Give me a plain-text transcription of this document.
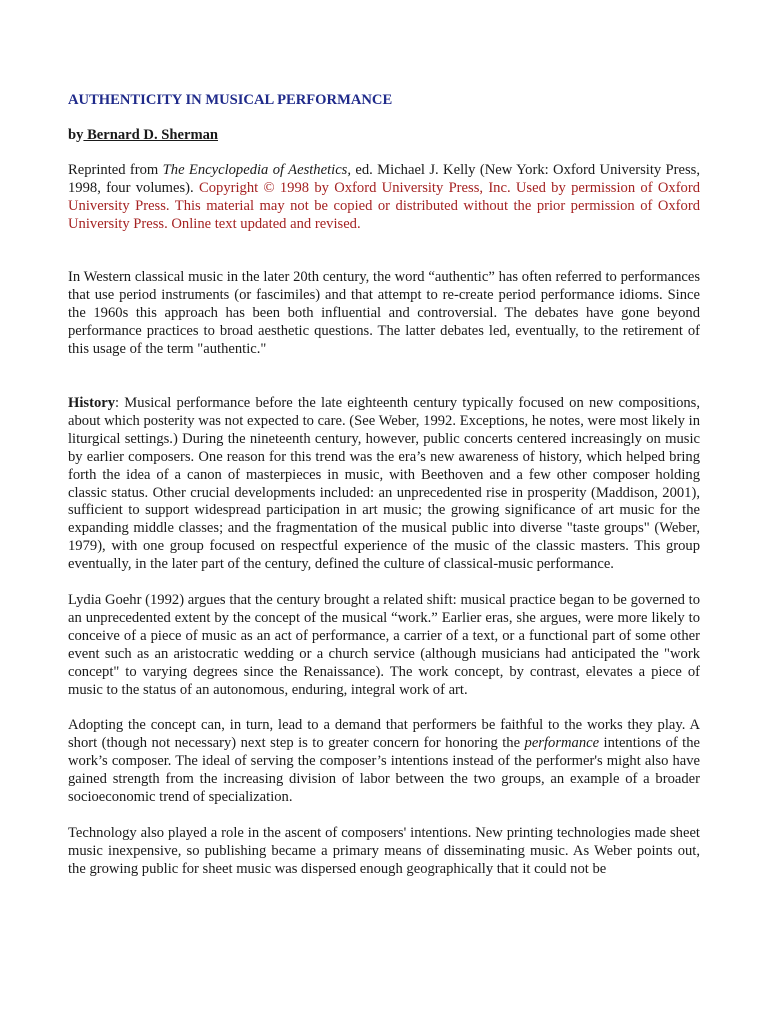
AUTHENTICITY IN MUSICAL PERFORMANCE
by Bernard D. Sherman

Reprinted from The Encyclopedia of Aesthetics, ed. Michael J. Kelly (New York: Oxford University Press, 1998, four volumes). Copyright © 1998 by Oxford University Press, Inc. Used by permission of Oxford University Press. This material may not be copied or distributed without the prior permission of Oxford University Press. Online text updated and revised.

In Western classical music in the later 20th century, the word “authentic” has often referred to performances that use period instruments (or fascimiles) and that attempt to re-create period performance idioms. Since the 1960s this approach has been both influential and controversial. The debates have gone beyond performance practices to broad aesthetic questions. The latter debates led, eventually, to the retirement of this usage of the term "authentic."

History: Musical performance before the late eighteenth century typically focused on new compositions, about which posterity was not expected to care. (See Weber, 1992. Exceptions, he notes, were most likely in liturgical settings.) During the nineteenth century, however, public concerts centered increasingly on music by earlier composers. One reason for this trend was the era’s new awareness of history, which helped bring forth the idea of a canon of masterpieces in music, with Beethoven and a few other composer holding classic status. Other crucial developments included: an unprecedented rise in prosperity (Maddison, 2001), sufficient to support widespread participation in art music; the growing significance of art music for the expanding middle classes; and the fragmentation of the musical public into diverse "taste groups" (Weber, 1979), with one group focused on respectful experience of the music of the classic masters. This group eventually, in the later part of the century, defined the culture of classical-music performance.

Lydia Goehr (1992) argues that the century brought a related shift: musical practice began to be governed to an unprecedented extent by the concept of the musical “work.” Earlier eras, she argues, were more likely to conceive of a piece of music as an act of performance, a carrier of a text, or a functional part of some other event such as an aristocratic wedding or a church service (although musicians had anticipated the "work concept" to varying degrees since the Renaissance). The work concept, by contrast, elevates a piece of music to the status of an autonomous, enduring, integral work of art.

Adopting the concept can, in turn, lead to a demand that performers be faithful to the works they play. A short (though not necessary) next step is to greater concern for honoring the performance intentions of the work’s composer. The ideal of serving the composer’s intentions instead of the performer's might also have gained strength from the increasing division of labor between the two groups, an example of a broader socioeconomic trend of specialization.

Technology also played a role in the ascent of composers' intentions. New printing technologies made sheet music inexpensive, so publishing became a primary means of disseminating music. As Weber points out, the growing public for sheet music was dispersed enough geographically that it could not be
